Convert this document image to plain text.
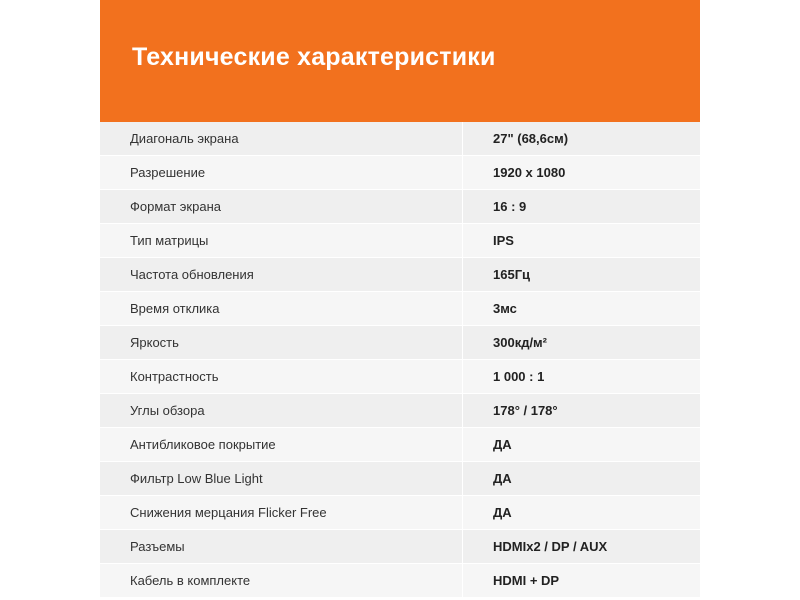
Технические характеристики
Диагональ экрана	27" (68,6см)
Разрешение	1920 x 1080
Формат экрана	16 : 9
Тип матрицы	IPS
Частота обновления	165Гц
Время отклика	3мс
Яркость	300кд/м²
Контрастность	1 000 : 1
Углы обзора	178° / 178°
Антибликовое покрытие	ДА
Фильтр Low Blue Light	ДА
Снижения мерцания Flicker Free	ДА
Разъемы	HDMIx2 / DP / AUX
Кабель в комплекте	HDMI + DP
